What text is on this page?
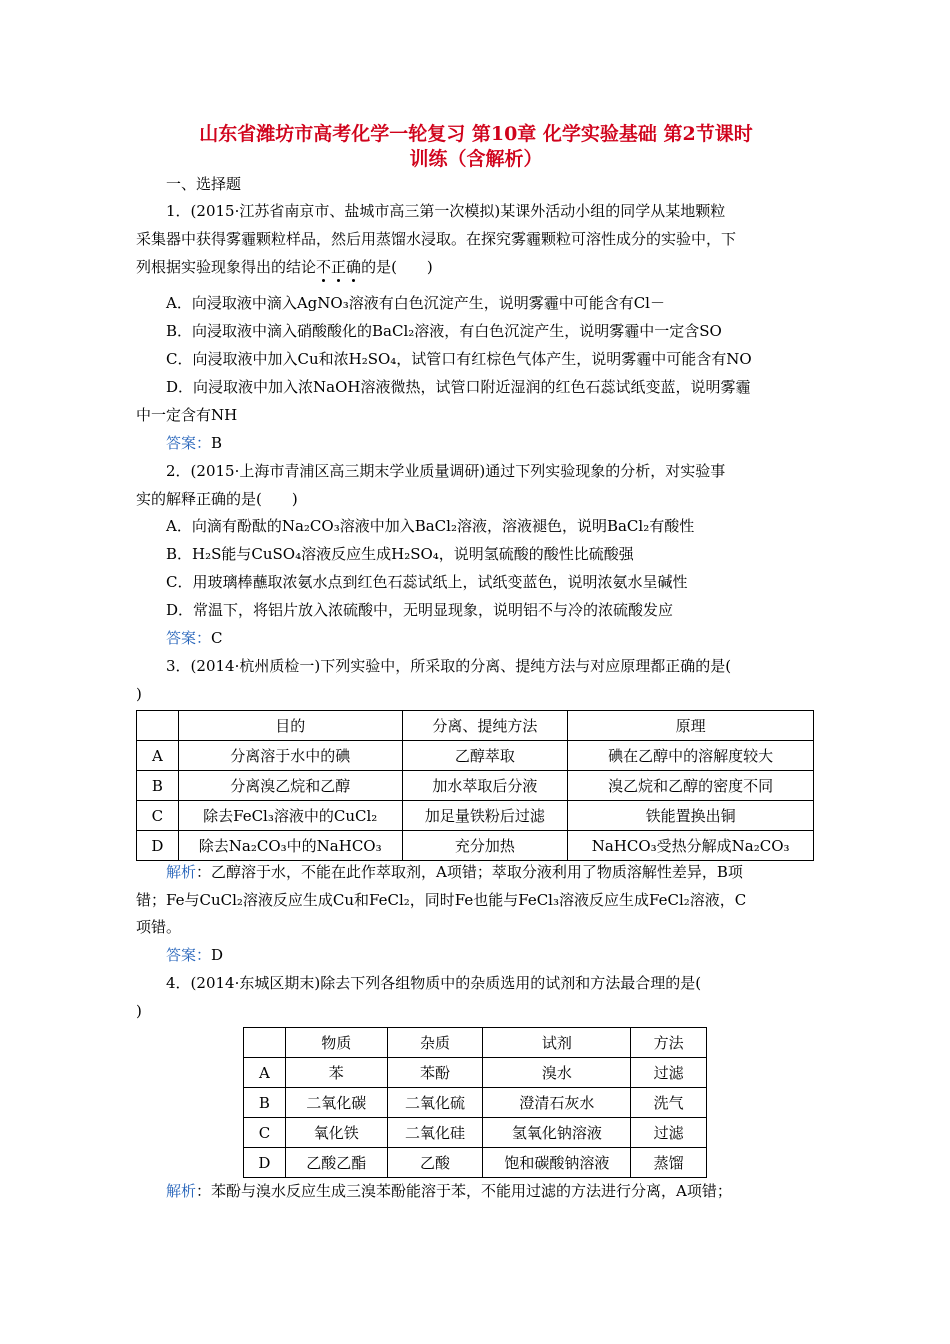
山东省潍坊市高考化学一轮复习 第10章 化学实验基础 第2节课时
训练（含解析）
一、选择题
1．(2015·江苏省南京市、盐城市高三第一次模拟)某课外活动小组的同学从某地颗粒
采集器中获得雾霾颗粒样品，然后用蒸馏水浸取。在探究雾霾颗粒可溶性成分的实验中，下
列根据实验现象得出的结论不正确的是(　　)
A．向浸取液中滴入AgNO₃溶液有白色沉淀产生，说明雾霾中可能含有Cl－
B．向浸取液中滴入硝酸酸化的BaCl₂溶液，有白色沉淀产生，说明雾霾中一定含SO
C．向浸取液中加入Cu和浓H₂SO₄，试管口有红棕色气体产生，说明雾霾中可能含有NO
D．向浸取液中加入浓NaOH溶液微热，试管口附近湿润的红色石蕊试纸变蓝，说明雾霾
中一定含有NH
答案：B
2．(2015·上海市青浦区高三期末学业质量调研)通过下列实验现象的分析，对实验事
实的解释正确的是(　　)
A．向滴有酚酞的Na₂CO₃溶液中加入BaCl₂溶液，溶液褪色，说明BaCl₂有酸性
B．H₂S能与CuSO₄溶液反应生成H₂SO₄，说明氢硫酸的酸性比硫酸强
C．用玻璃棒蘸取浓氨水点到红色石蕊试纸上，试纸变蓝色，说明浓氨水呈碱性
D．常温下，将铝片放入浓硫酸中，无明显现象，说明铝不与冷的浓硫酸发应
答案：C
3．(2014·杭州质检一)下列实验中，所采取的分离、提纯方法与对应原理都正确的是(
)
	目的	分离、提纯方法	原理
A	分离溶于水中的碘	乙醇萃取	碘在乙醇中的溶解度较大
B	分离溴乙烷和乙醇	加水萃取后分液	溴乙烷和乙醇的密度不同
C	除去FeCl₃溶液中的CuCl₂	加足量铁粉后过滤	铁能置换出铜
D	除去Na₂CO₃中的NaHCO₃	充分加热	NaHCO₃受热分解成Na₂CO₃
解析：乙醇溶于水，不能在此作萃取剂，A项错；萃取分液利用了物质溶解性差异，B项
错；Fe与CuCl₂溶液反应生成Cu和FeCl₂，同时Fe也能与FeCl₃溶液反应生成FeCl₂溶液，C
项错。
答案：D
4．(2014·东城区期末)除去下列各组物质中的杂质选用的试剂和方法最合理的是(
)
	物质	杂质	试剂	方法
A	苯	苯酚	溴水	过滤
B	二氧化碳	二氧化硫	澄清石灰水	洗气
C	氧化铁	二氧化硅	氢氧化钠溶液	过滤
D	乙酸乙酯	乙酸	饱和碳酸钠溶液	蒸馏
解析：苯酚与溴水反应生成三溴苯酚能溶于苯，不能用过滤的方法进行分离，A项错；
